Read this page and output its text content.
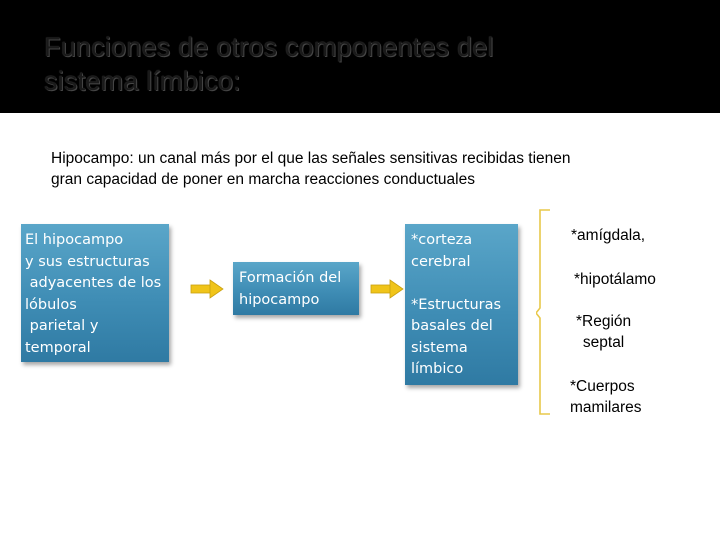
Funciones de otros componentes del
sistema límbico:
Hipocampo: un canal más por el que las señales sensitivas recibidas tienen
gran capacidad de poner en marcha reacciones conductuales
El hipocampo
y sus estructuras
adyacentes de los
lóbulos
parietal y
temporal
Formación del
hipocampo
*corteza
cerebral
*Estructuras
basales del
sistema
límbico
*amígdala,
*hipotálamo
*Región
septal
*Cuerpos
mamilares
